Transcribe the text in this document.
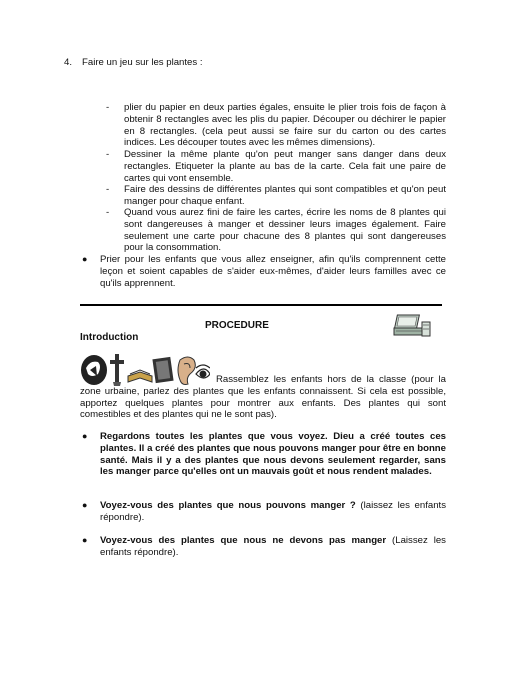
4. Faire un jeu sur les plantes :
- plier du papier en deux parties égales, ensuite le plier trois fois de façon à obtenir 8 rectangles avec les plis du papier. Découper ou déchirer le papier en 8 rectangles. (cela peut aussi se faire sur du carton ou des cartes indices. Les découper toutes avec les mêmes dimensions).
- Dessiner la même plante qu'on peut manger sans danger dans deux rectangles. Etiqueter la plante au bas de la carte. Cela fait une paire de cartes qui vont ensemble.
- Faire des dessins de différentes plantes qui sont compatibles et qu'on peut manger pour chaque enfant.
- Quand vous aurez fini de faire les cartes, écrire les noms de 8 plantes qui sont dangereuses à manger et dessiner leurs images également. Faire seulement une carte pour chacune des 8 plantes qui sont dangereuses pour la consommation.
● Prier pour les enfants que vous allez enseigner, afin qu'ils comprennent cette leçon et soient capables de s'aider eux-mêmes, d'aider leurs familles avec ce qu'ils apprennent.
PROCEDURE
Introduction
Rassemblez les enfants hors de la classe (pour la zone urbaine, parlez des plantes que les enfants connaissent. Si cela est possible, apportez quelques plantes pour montrer aux enfants. Des plantes qui sont comestibles et des plantes qui ne le sont pas).
● Regardons toutes les plantes que vous voyez. Dieu a créé toutes ces plantes. Il a créé des plantes que nous pouvons manger pour être en bonne santé. Mais il y a des plantes que nous devons seulement regarder, sans les manger parce qu'elles ont un mauvais goût et nous rendent malades.
● Voyez-vous des plantes que nous pouvons manger ? (laissez les enfants répondre).
● Voyez-vous des plantes que nous ne devons pas manger (Laissez les enfants répondre).
